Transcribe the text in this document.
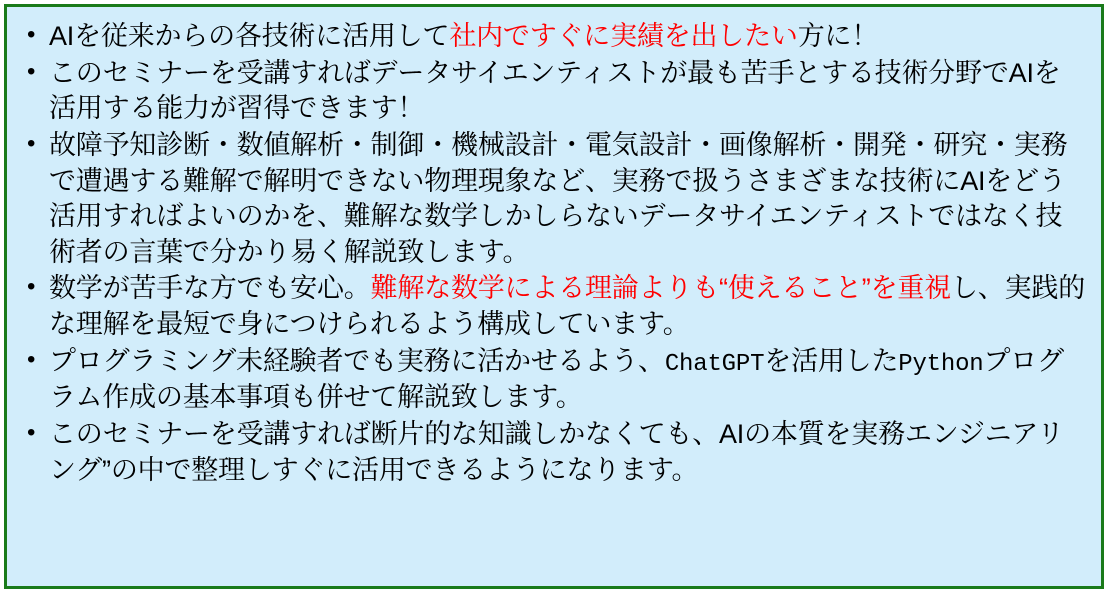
• AIを従来からの各技術に活用して社内ですぐに実績を出したい方に！
• このセミナーを受講すればデータサイエンティストが最も苦手とする技術分野でAIを活用する能力が習得できます！
• 故障予知診断・数値解析・制御・機械設計・電気設計・画像解析・開発・研究・実務で遭遇する難解で解明できない物理現象など、実務で扱うさまざまな技術にAIをどう活用すればよいのかを、難解な数学しかしらないデータサイエンティストではなく技術者の言葉で分かり易く解説致します。
• 数学が苦手な方でも安心。難解な数学による理論よりも“使えること”を重視し、実践的な理解を最短で身につけられるよう構成しています。
• プログラミング未経験者でも実務に活かせるよう、ChatGPTを活用したPythonプログラム作成の基本事項も併せて解説致します。
• このセミナーを受講すれば断片的な知識しかなくても、AIの本質を実務エンジニアリング”の中で整理しすぐに活用できるようになります。
